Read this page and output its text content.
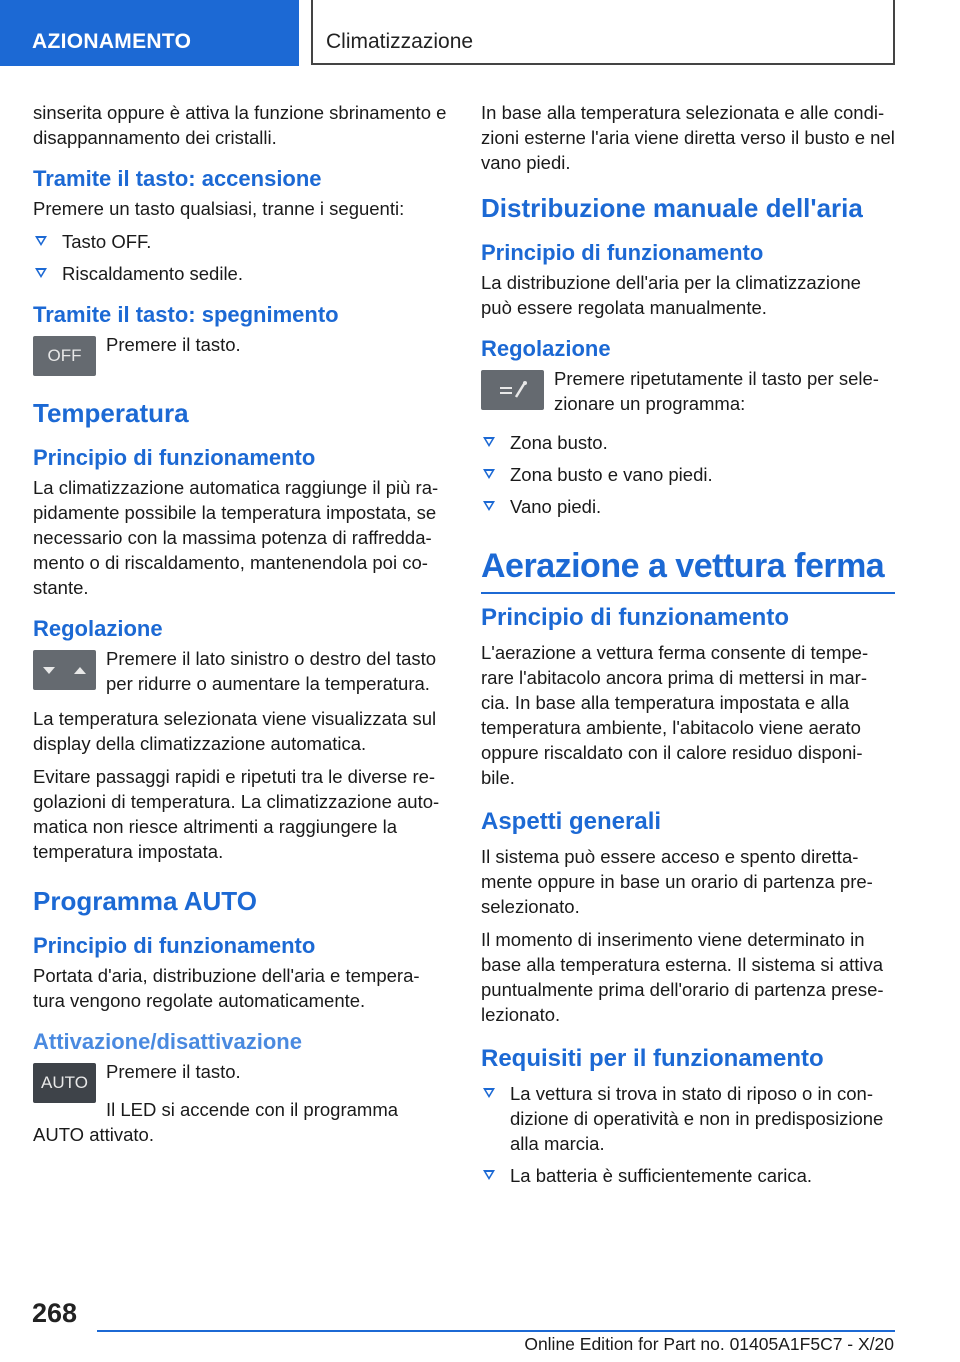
AZIONAMENTO	Climatizzazione

sinserita oppure è attiva la funzione sbrinamento e disappannamento dei cristalli.

Tramite il tasto: accensione

Premere un tasto qualsiasi, tranne i seguenti:

Tasto OFF.
Riscaldamento sedile.
Tramite il tasto: spegnimento
OFF
Premere il tasto.
Temperatura
Principio di funzionamento

La climatizzazione automatica raggiunge il più ra-pidamente possibile la temperatura impostata, se necessario con la massima potenza di raffredda-mento o di riscaldamento, mantenendola poi co-stante.

Regolazione
Premere il lato sinistro o destro del tasto per ridurre o aumentare la temperatura.

La temperatura selezionata viene visualizzata sul display della climatizzazione automatica.

Evitare passaggi rapidi e ripetuti tra le diverse re-golazioni di temperatura. La climatizzazione auto-matica non riesce altrimenti a raggiungere la temperatura impostata.

Programma AUTO
Principio di funzionamento

Portata d'aria, distribuzione dell'aria e tempera-tura vengono regolate automaticamente.

Attivazione/disattivazione
AUTO
Premere il tasto.

Il LED si accende con il programma AUTO attivato.

In base alla temperatura selezionata e alle condi-zioni esterne l'aria viene diretta verso il busto e nel vano piedi.

Distribuzione manuale dell'aria
Principio di funzionamento

La distribuzione dell'aria per la climatizzazione può essere regolata manualmente.

Regolazione
Premere ripetutamente il tasto per sele-zionare un programma:
Zona busto.
Zona busto e vano piedi.
Vano piedi.
Aerazione a vettura ferma
Principio di funzionamento

L'aerazione a vettura ferma consente di tempe-rare l'abitacolo ancora prima di mettersi in mar-cia. In base alla temperatura impostata e alla temperatura ambiente, l'abitacolo viene aerato oppure riscaldato con il calore residuo disponi-bile.

Aspetti generali

Il sistema può essere acceso e spento diretta-mente oppure in base un orario di partenza pre-selezionato.

Il momento di inserimento viene determinato in base alla temperatura esterna. Il sistema si attiva puntualmente prima dell'orario di partenza prese-lezionato.

Requisiti per il funzionamento
La vettura si trova in stato di riposo o in con-dizione di operatività e non in predisposizione alla marcia.
La batteria è sufficientemente carica.
268
Online Edition for Part no. 01405A1F5C7 - X/20
